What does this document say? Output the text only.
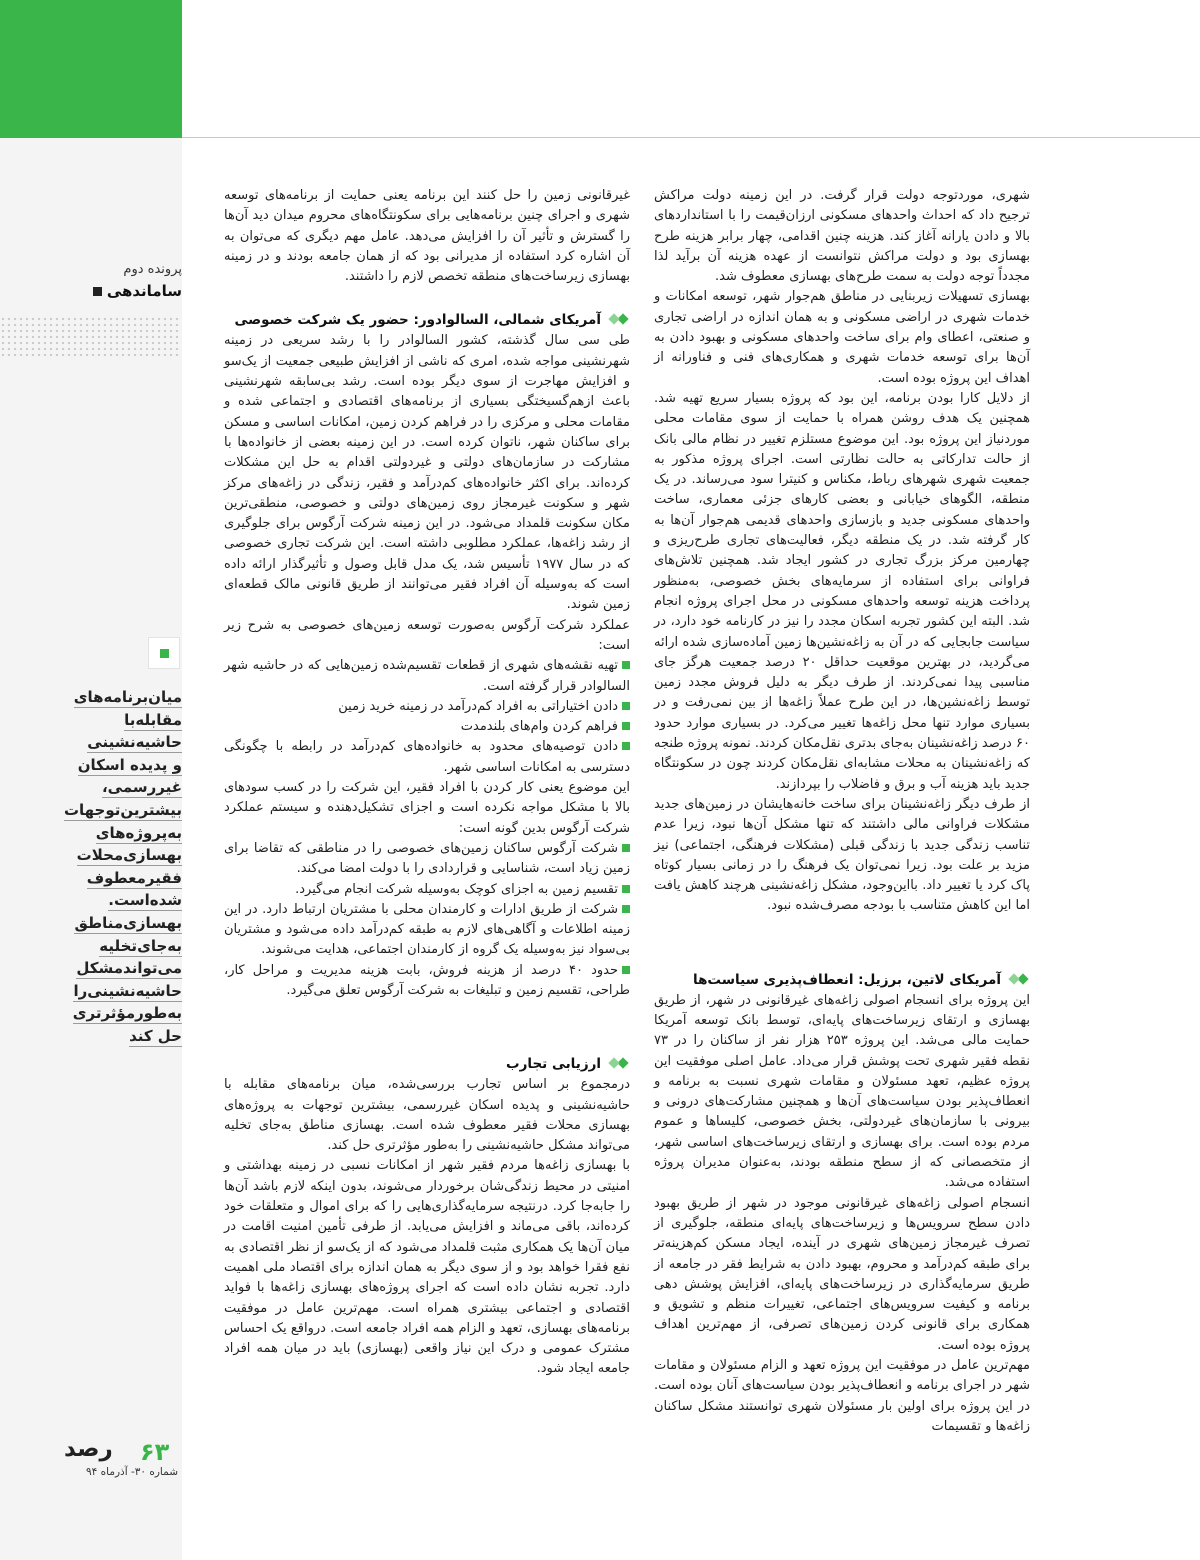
پرونده دوم
ساماندهی
میان‌برنامه‌های
مقابله‌با
حاشیه‌نشینی
و پدیده اسکان
غیررسمی،
بیشترین‌توجهات
به‌پروژه‌های
بهسازی‌محلات
فقیرمعطوف
شده‌است.
بهسازی‌مناطق
به‌جای‌تخلیه
می‌تواندمشکل
حاشیه‌نشینی‌را
به‌طورمؤثرتری
حل کند
۶۳
رصد
شماره ۳۰- آذرماه ۹۴

شهری، موردتوجه دولت قرار گرفت. در این زمینه دولت مراکش ترجیح داد که احداث واحدهای مسکونی ارزان‌قیمت را با استانداردهای بالا و دادن یارانه آغاز کند. هزینه چنین اقدامی، چهار برابر هزینه طرح بهسازی بود و دولت مراکش نتوانست از عهده هزینه آن برآید لذا مجدداً توجه دولت به سمت طرح‌های بهسازی معطوف شد.

بهسازی تسهیلات زیربنایی در مناطق هم‌جوار شهر، توسعه امکانات و خدمات شهری در اراضی مسکونی و به همان اندازه در اراضی تجاری و صنعتی، اعطای وام برای ساخت واحدهای مسکونی و بهبود دادن به آن‌ها برای توسعه خدمات شهری و همکاری‌های فنی و فناورانه از اهداف این پروژه بوده است.

از دلایل کارا بودن برنامه، این بود که پروژه بسیار سریع تهیه شد. همچنین یک هدف روشن همراه با حمایت از سوی مقامات محلی موردنیاز این پروژه بود. این موضوع مستلزم تغییر در نظام مالی بانک از حالت تدارکاتی به حالت نظارتی است. اجرای پروژه مذکور به جمعیت شهری شهرهای رباط، مکناس و کنیترا سود می‌رساند. در یک منطقه، الگوهای خیابانی و بعضی کارهای جزئی معماری، ساخت واحدهای مسکونی جدید و بازسازی واحدهای قدیمی هم‌جوار آن‌ها به کار گرفته شد. در یک منطقه دیگر، فعالیت‌های تجاری طرح‌ریزی و چهارمین مرکز بزرگ تجاری در کشور ایجاد شد. همچنین تلاش‌های فراوانی برای استفاده از سرمایه‌های بخش خصوصی، به‌منظور پرداخت هزینه توسعه واحدهای مسکونی در محل اجرای پروژه انجام شد. البته این کشور تجربه اسکان مجدد را نیز در کارنامه خود دارد، در سیاست جابجایی که در آن به زاغه‌نشین‌ها زمین آماده‌سازی شده ارائه می‌گردید، در بهترین موقعیت حداقل ۲۰ درصد جمعیت هرگز جای مناسبی پیدا نمی‌کردند. از طرف دیگر به دلیل فروش مجدد زمین توسط زاغه‌نشین‌ها، در این طرح عملاً زاغه‌ها از بین نمی‌رفت و در بسیاری موارد تنها محل زاغه‌ها تغییر می‌کرد. در بسیاری موارد حدود ۶۰ درصد زاغه‌نشینان به‌جای بدتری نقل‌مکان کردند. نمونه پروژه طنجه که زاغه‌نشینان به محلات مشابه‌ای نقل‌مکان کردند چون در سکونتگاه جدید باید هزینه آب و برق و فاضلاب را بپردازند.

از طرف دیگر زاغه‌نشینان برای ساخت خانه‌هایشان در زمین‌های جدید مشکلات فراوانی مالی داشتند که تنها مشکل آن‌ها نبود، زیرا عدم تناسب زندگی جدید با زندگی قبلی (مشکلات فرهنگی، اجتماعی) نیز مزید بر علت بود. زیرا نمی‌توان یک فرهنگ را در زمانی بسیار کوتاه پاک کرد یا تغییر داد. بااین‌وجود، مشکل زاغه‌نشینی هرچند کاهش یافت اما این کاهش متناسب با بودجه مصرف‌شده نبود.

آمریکای لاتین، برزیل: انعطاف‌پذیری سیاست‌ها

این پروژه برای انسجام اصولی زاغه‌های غیرقانونی در شهر، از طریق بهسازی و ارتقای زیرساخت‌های پایه‌ای، توسط بانک توسعه آمریکا حمایت مالی می‌شد. این پروژه ۲۵۳ هزار نفر از ساکنان را در ۷۳ نقطه فقیر شهری تحت پوشش قرار می‌داد. عامل اصلی موفقیت این پروژه عظیم، تعهد مسئولان و مقامات شهری نسبت به برنامه و انعطاف‌پذیر بودن سیاست‌های آن‌ها و همچنین مشارکت‌های درونی و بیرونی با سازمان‌های غیردولتی، بخش خصوصی، کلیساها و عموم مردم بوده است. برای بهسازی و ارتقای زیرساخت‌های اساسی شهر، از متخصصانی که از سطح منطقه بودند، به‌عنوان مدیران پروژه استفاده می‌شد.

انسجام اصولی زاغه‌های غیرقانونی موجود در شهر از طریق بهبود دادن سطح سرویس‌ها و زیرساخت‌های پایه‌ای منطقه، جلوگیری از تصرف غیرمجاز زمین‌های شهری در آینده، ایجاد مسکن کم‌هزینه‌تر برای طبقه کم‌درآمد و محروم، بهبود دادن به شرایط فقر در جامعه از طریق سرمایه‌گذاری در زیرساخت‌های پایه‌ای، افزایش پوشش دهی برنامه و کیفیت سرویس‌های اجتماعی، تغییرات منظم و تشویق و همکاری برای قانونی کردن زمین‌های تصرفی، از مهم‌ترین اهداف پروژه بوده است.

مهم‌ترین عامل در موفقیت این پروژه تعهد و الزام مسئولان و مقامات شهر در اجرای برنامه و انعطاف‌پذیر بودن سیاست‌های آنان بوده است. در این پروژه برای اولین بار مسئولان شهری توانستند مشکل ساکنان زاغه‌ها و تقسیمات

غیرقانونی زمین را حل کنند این برنامه یعنی حمایت از برنامه‌های توسعه شهری و اجرای چنین برنامه‌هایی برای سکونتگاه‌های محروم میدان دید آن‌ها را گسترش و تأثیر آن را افزایش می‌دهد. عامل مهم دیگری که می‌توان به آن اشاره کرد استفاده از مدیرانی بود که از همان جامعه بودند و در زمینه بهسازی زیرساخت‌های منطقه تخصص لازم را داشتند.

آمریکای شمالی، السالوادور: حضور یک شرکت خصوصی

طی سی سال گذشته، کشور السالوادر را با رشد سریعی در زمینه شهرنشینی مواجه شده، امری که ناشی از افزایش طبیعی جمعیت از یک‌سو و افزایش مهاجرت از سوی دیگر بوده است. رشد بی‌سابقه شهرنشینی باعث ازهم‌گسیختگی بسیاری از برنامه‌های اقتصادی و اجتماعی شده و مقامات محلی و مرکزی را در فراهم کردن زمین، امکانات اساسی و مسکن برای ساکنان شهر، ناتوان کرده است. در این زمینه بعضی از خانواده‌ها با مشارکت در سازمان‌های دولتی و غیردولتی اقدام به حل این مشکلات کرده‌اند. برای اکثر خانواده‌های کم‌درآمد و فقیر، زندگی در زاغه‌های مرکز شهر و سکونت غیرمجاز روی زمین‌های دولتی و خصوصی، منطقی‌ترین مکان سکونت قلمداد می‌شود. در این زمینه شرکت آرگوس برای جلوگیری از رشد زاغه‌ها، عملکرد مطلوبی داشته است. این شرکت تجاری خصوصی که در سال ۱۹۷۷ تأسیس شد، یک مدل قابل وصول و تأثیرگذار ارائه داده است که به‌وسیله آن افراد فقیر می‌توانند از طریق قانونی مالک قطعه‌ای زمین شوند.

عملکرد شرکت آرگوس به‌صورت توسعه زمین‌های خصوصی به شرح زیر است:

تهیه نقشه‌های شهری از قطعات تقسیم‌شده زمین‌هایی که در حاشیه شهر السالوادر قرار گرفته است.

دادن اختیاراتی به افراد کم‌درآمد در زمینه خرید زمین

فراهم کردن وام‌های بلندمدت

دادن توصیه‌های محدود به خانواده‌های کم‌درآمد در رابطه با چگونگی دسترسی به امکانات اساسی شهر.

این موضوع یعنی کار کردن با افراد فقیر، این شرکت را در کسب سودهای بالا با مشکل مواجه نکرده است و اجزای تشکیل‌دهنده و سیستم عملکرد شرکت آرگوس بدین گونه است:

شرکت آرگوس ساکنان زمین‌های خصوصی را در مناطقی که تقاضا برای زمین زیاد است، شناسایی و قراردادی را با دولت امضا می‌کند.

تقسیم زمین به اجزای کوچک به‌وسیله شرکت انجام می‌گیرد.

شرکت از طریق ادارات و کارمندان محلی با مشتریان ارتباط دارد. در این زمینه اطلاعات و آگاهی‌های لازم به طبقه کم‌درآمد داده می‌شود و مشتریان بی‌سواد نیز به‌وسیله یک گروه از کارمندان اجتماعی، هدایت می‌شوند.

حدود ۴۰ درصد از هزینه فروش، بابت هزینه مدیریت و مراحل کار، طراحی، تقسیم زمین و تبلیغات به شرکت آرگوس تعلق می‌گیرد.

ارزیابی تجارب

درمجموع بر اساس تجارب بررسی‌شده، میان برنامه‌های مقابله با حاشیه‌نشینی و پدیده اسکان غیررسمی، بیشترین توجهات به پروژه‌های بهسازی محلات فقیر معطوف شده است. بهسازی مناطق به‌جای تخلیه می‌تواند مشکل حاشیه‌نشینی را به‌طور مؤثرتری حل کند.

با بهسازی زاغه‌ها مردم فقیر شهر از امکانات نسبی در زمینه بهداشتی و امنیتی در محیط زندگی‌شان برخوردار می‌شوند، بدون اینکه لازم باشد آن‌ها را جابه‌جا کرد. درنتیجه سرمایه‌گذاری‌هایی را که برای اموال و متعلقات خود کرده‌اند، باقی می‌ماند و افزایش می‌یابد. از طرفی تأمین امنیت اقامت در میان آن‌ها یک همکاری مثبت قلمداد می‌شود که از یک‌سو از نظر اقتصادی به نفع فقرا خواهد بود و از سوی دیگر به همان اندازه برای اقتصاد ملی اهمیت دارد. تجربه نشان داده است که اجرای پروژه‌های بهسازی زاغه‌ها با فواید اقتصادی و اجتماعی بیشتری همراه است. مهم‌ترین عامل در موفقیت برنامه‌های بهسازی، تعهد و الزام همه افراد جامعه است. درواقع یک احساس مشترک عمومی و درک این نیاز واقعی (بهسازی) باید در میان همه افراد جامعه ایجاد شود.
